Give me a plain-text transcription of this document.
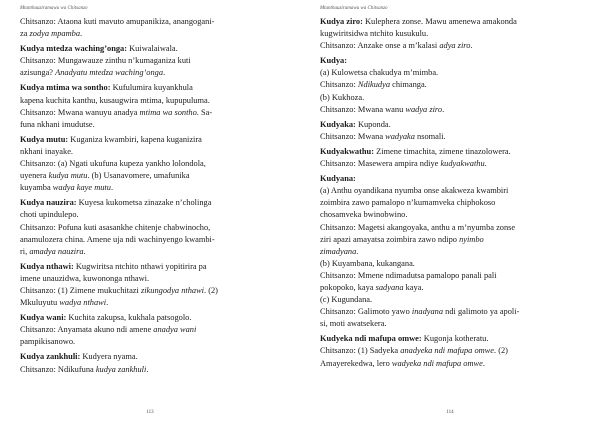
Mtanthauziramawu wa Chitsanzo
Chitsanzo: Ataona kuti mavuto amupanikiza, anangogani-
za zodya mpamba.
Kudya mtedza waching’onga: Kuiwalaiwala.
Chitsanzo: Mungawauze zinthu n’kumaganiza kuti
azisunga? Anadyatu mtedza waching’onga.
Kudya mtima wa sontho: Kufulumira kuyankhula
kapena kuchita kanthu, kusaugwira mtima, kupupuluma.
Chitsanzo: Mwana wanuyu anadya mtima wa sontho. Sa-
funa nkhani imudutse.
Kudya mutu: Kuganiza kwambiri, kapena kuganizira
nkhani inayake.
Chitsanzo: (a) Ngati ukufuna kupeza yankho lolondola,
uyenera kudya mutu. (b) Usanavomere, umafunika
kuyamba wadya kaye mutu.
Kudya nauzira: Kuyesa kukometsa zinazake n’cholinga
choti upindulepo.
Chitsanzo: Pofuna kuti asasankhe chitenje chabwinocho,
anamulozera china. Amene uja ndi wachinyengo kwambi-
ri, amadya nauzira.
Kudya nthawi: Kugwiritsa ntchito nthawi yopitirira pa
imene unauzidwa, kuwononga nthawi.
Chitsanzo: (1) Zimene mukuchitazi zikungodya nthawi. (2)
Mkuluyutu wadya nthawi.
Kudya wani: Kuchita zakupsa, kukhala patsogolo.
Chitsanzo: Anyamata akuno ndi amene anadya wani
pampikisanowo.
Kudya zankhuli: Kudyera nyama.
Chitsanzo: Ndikufuna kudya zankhuli.
113
Mtanthauziramawu wa Chitsanzo
Kudya ziro: Kulephera zonse. Mawu amenewa amakonda
kugwiritsidwa ntchito kusukulu.
Chitsanzo: Anzake onse a m’kalasi adya ziro.
Kudya:
(a) Kulowetsa chakudya m’mimba.
Chitsanzo: Ndikudya chimanga.
(b) Kukhoza.
Chitsanzo: Mwana wanu wadya ziro.
Kudyaka: Kuponda.
Chitsanzo: Mwana wadyaka nsomali.
Kudyakwathu: Zimene timachita, zimene tinazolowera.
Chitsanzo: Masewera ampira ndiye kudyakwathu.
Kudyana:
(a) Anthu oyandikana nyumba onse akakweza kwambiri
zoimbira zawo pamalopo n’kumamveka chiphokoso
chosamveka bwinobwino.
Chitsanzo: Magetsi akangoyaka, anthu a m’nyumba zonse
ziri apazi amayatsa zoimbira zawo ndipo nyimbo
zimadyana.
(b) Kuyambana, kukangana.
Chitsanzo: Mmene ndimadutsa pamalopo panali pali
pokopoko, kaya sadyana kaya.
(c) Kugundana.
Chitsanzo: Galimoto yawo inadyana ndi galimoto ya apoli-
si, moti awatsekera.
Kudyeka ndi mafupa omwe: Kugonja kotheratu.
Chitsanzo: (1) Sadyeka anadyeka ndi mafupa omwe. (2)
Amayerekedwa, lero wadyeka ndi mafupa omwe.
114
